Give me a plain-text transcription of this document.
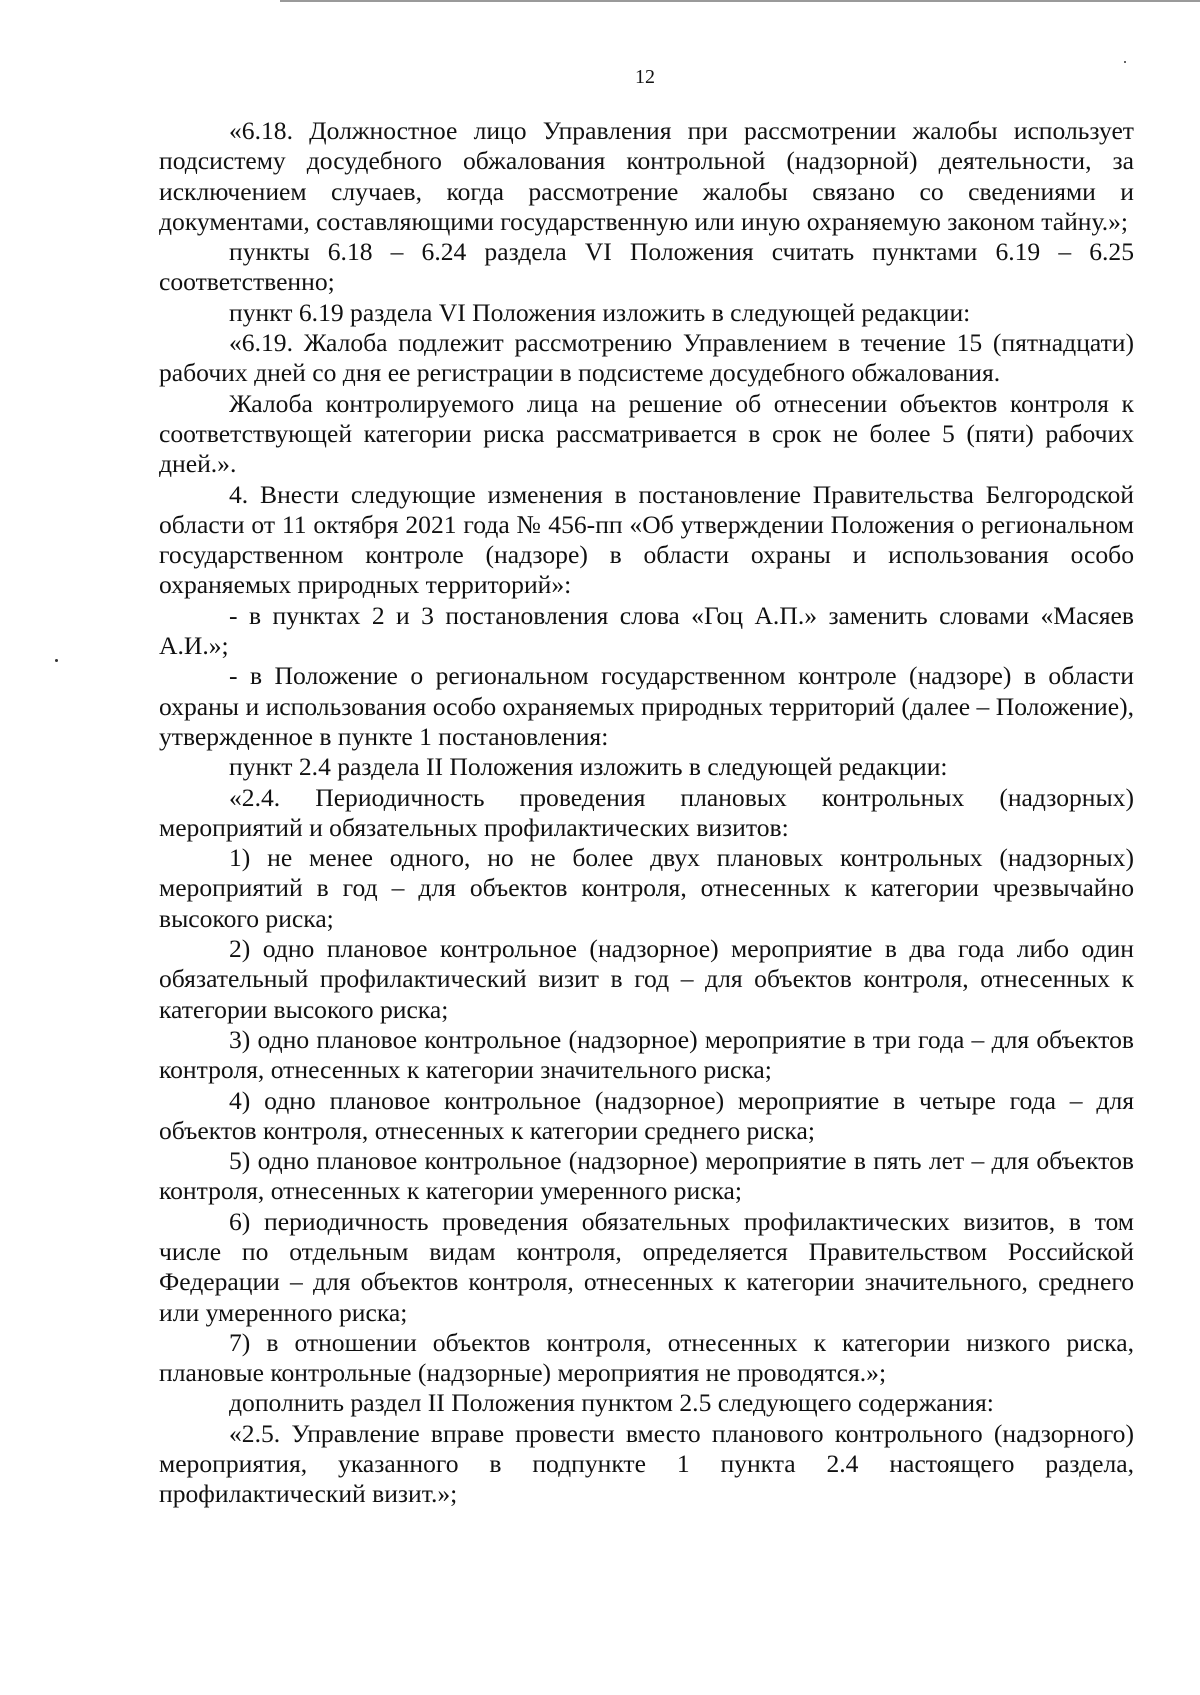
12

«6.18. Должностное лицо Управления при рассмотрении жалобы использует подсистему досудебного обжалования контрольной (надзорной) деятельности, за исключением случаев, когда рассмотрение жалобы связано со сведениями и документами, составляющими государственную или иную охраняемую законом тайну.»;

пункты 6.18 – 6.24 раздела VI Положения считать пунктами 6.19 – 6.25 соответственно;

пункт 6.19 раздела VI Положения изложить в следующей редакции:

«6.19. Жалоба подлежит рассмотрению Управлением в течение 15 (пятнадцати) рабочих дней со дня ее регистрации в подсистеме досудебного обжалования.

Жалоба контролируемого лица на решение об отнесении объектов контроля к соответствующей категории риска рассматривается в срок не более 5 (пяти) рабочих дней.».

4. Внести следующие изменения в постановление Правительства Белгородской области от 11 октября 2021 года № 456-пп «Об утверждении Положения о региональном государственном контроле (надзоре) в области охраны и использования особо охраняемых природных территорий»:

- в пунктах 2 и 3 постановления слова «Гоц А.П.» заменить словами «Масяев А.И.»;

- в Положение о региональном государственном контроле (надзоре) в области охраны и использования особо охраняемых природных территорий (далее – Положение), утвержденное в пункте 1 постановления:

пункт 2.4 раздела II Положения изложить в следующей редакции:

«2.4. Периодичность проведения плановых контрольных (надзорных) мероприятий и обязательных профилактических визитов:

1) не менее одного, но не более двух плановых контрольных (надзорных) мероприятий в год – для объектов контроля, отнесенных к категории чрезвычайно высокого риска;

2) одно плановое контрольное (надзорное) мероприятие в два года либо один обязательный профилактический визит в год – для объектов контроля, отнесенных к категории высокого риска;

3) одно плановое контрольное (надзорное) мероприятие в три года – для объектов контроля, отнесенных к категории значительного риска;

4) одно плановое контрольное (надзорное) мероприятие в четыре года – для объектов контроля, отнесенных к категории среднего риска;

5) одно плановое контрольное (надзорное) мероприятие в пять лет – для объектов контроля, отнесенных к категории умеренного риска;

6) периодичность проведения обязательных профилактических визитов, в том числе по отдельным видам контроля, определяется Правительством Российской Федерации – для объектов контроля, отнесенных к категории значительного, среднего или умеренного риска;

7) в отношении объектов контроля, отнесенных к категории низкого риска, плановые контрольные (надзорные) мероприятия не проводятся.»;

дополнить раздел II Положения пунктом 2.5 следующего содержания:

«2.5. Управление вправе провести вместо планового контрольного (надзорного) мероприятия, указанного в подпункте 1 пункта 2.4 настоящего раздела, профилактический визит.»;
